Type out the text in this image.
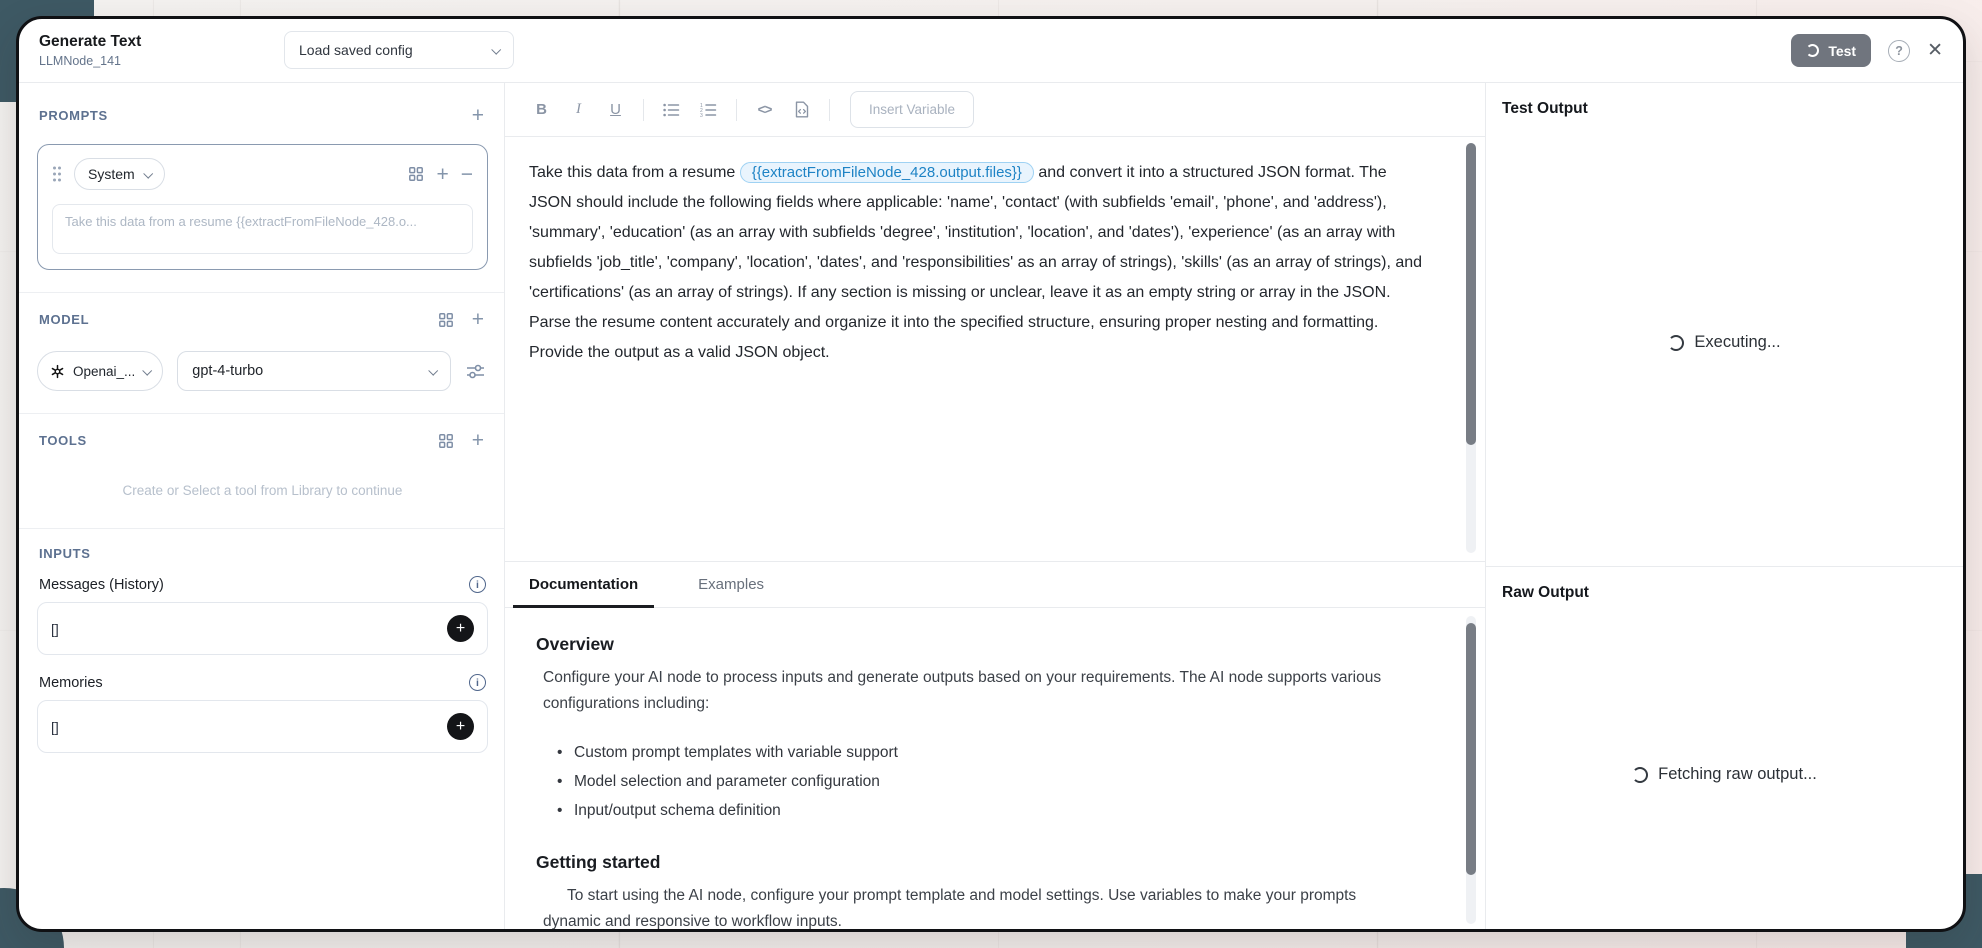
Generate Text
LLMNode_141
Load saved config	Test	? ✕
PROMPTS	+
System	+ −
Take this data from a resume {{extractFromFileNode_428.o...
MODEL	+
Openai_...	gpt-4-turbo
TOOLS	+
Create or Select a tool from Library to continue
INPUTS
Messages (History)	i
[]	+
Memories	i
[]	+
B	I	U	1
2
3	<>	Insert Variable
Take this data from a resume {{extractFromFileNode_428.output.files}} and convert it into a structured JSON format. The JSON should include the following fields where applicable: 'name', 'contact' (with subfields 'email', 'phone', and 'address'), 'summary', 'education' (as an array with subfields 'degree', 'institution', 'location', and 'dates'), 'experience' (as an array with subfields 'job_title', 'company', 'location', 'dates', and 'responsibilities' as an array of strings), 'skills' (as an array of strings), and 'certifications' (as an array of strings). If any section is missing or unclear, leave it as an empty string or array in the JSON. Parse the resume content accurately and organize it into the specified structure, ensuring proper nesting and formatting. Provide the output as a valid JSON object.
Documentation	Examples
Overview

Configure your AI node to process inputs and generate outputs based on your requirements. The AI node supports various configurations including:

• Custom prompt templates with variable support
• Model selection and parameter configuration
• Input/output schema definition
Getting started

To start using the AI node, configure your prompt template and model settings. Use variables to make your prompts dynamic and responsive to workflow inputs.

Test Output
Executing...
Raw Output
Fetching raw output...
